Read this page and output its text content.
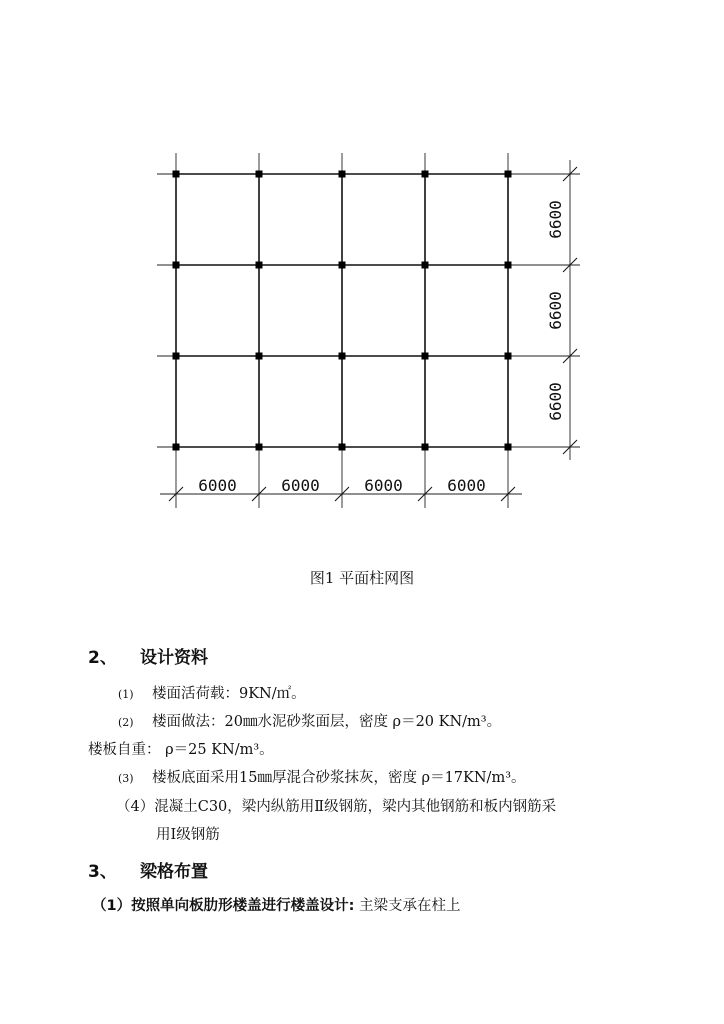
6000	6000	6000	6000
6600
6600
6600
图1 平面柱网图
2、 设计资料
(1) 楼面活荷载：9KN/㎡。
(2) 楼面做法：20㎜水泥砂浆面层，密度 ρ＝20 KN/m³。
楼板自重： ρ＝25 KN/m³。
(3) 楼板底面采用15㎜厚混合砂浆抹灰，密度 ρ＝17KN/m³。
（4）混凝土C30，梁内纵筋用Ⅱ级钢筋，梁内其他钢筋和板内钢筋采
用Ⅰ级钢筋
3、 梁格布置
（1）按照单向板肋形楼盖进行楼盖设计: 主梁支承在柱上
